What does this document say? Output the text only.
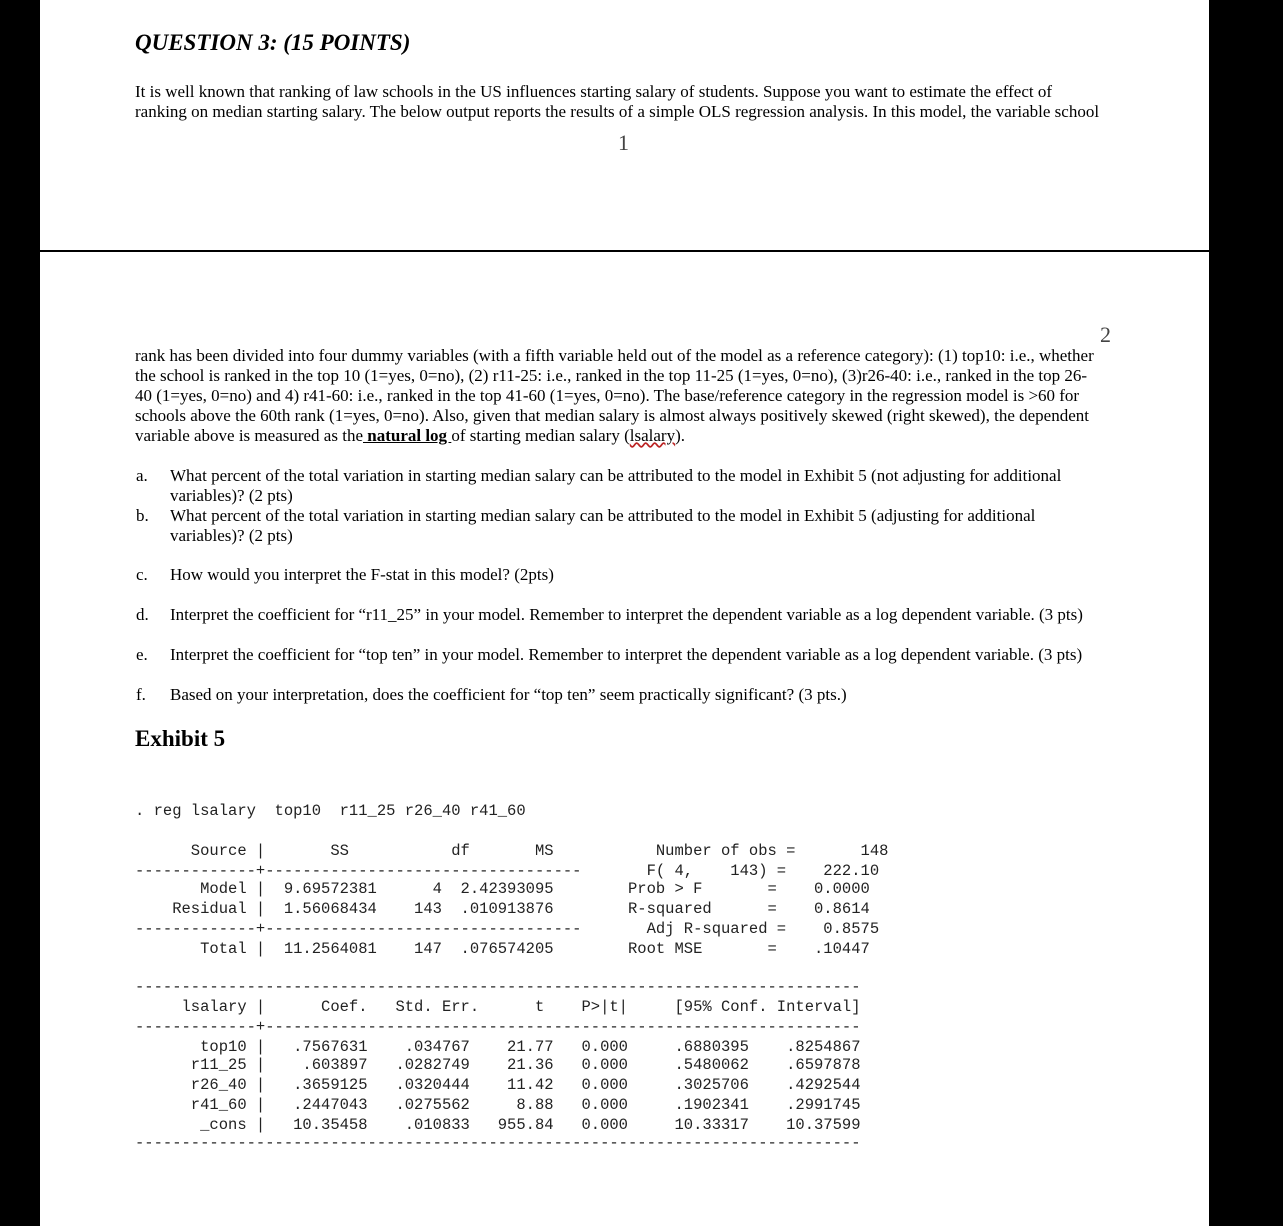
QUESTION 3: (15 POINTS)
It is well known that ranking of law schools in the US influences starting salary of students. Suppose you want to estimate the effect of
ranking on median starting salary. The below output reports the results of a simple OLS regression analysis. In this model, the variable school
1
2
rank has been divided into four dummy variables (with a fifth variable held out of the model as a reference category): (1) top10: i.e., whether
the school is ranked in the top 10 (1=yes, 0=no), (2) r11-25: i.e., ranked in the top 11-25 (1=yes, 0=no), (3)r26-40: i.e., ranked in the top 26-
40 (1=yes, 0=no) and 4) r41-60: i.e., ranked in the top 41-60 (1=yes, 0=no). The base/reference category in the regression model is >60 for
schools above the 60th rank (1=yes, 0=no). Also, given that median salary is almost always positively skewed (right skewed), the dependent
variable above is measured as the natural log of starting median salary (lsalary).
a. What percent of the total variation in starting median salary can be attributed to the model in Exhibit 5 (not adjusting for additional variables)? (2 pts)
b. What percent of the total variation in starting median salary can be attributed to the model in Exhibit 5 (adjusting for additional variables)? (2 pts)
c. How would you interpret the F-stat in this model? (2pts)
d. Interpret the coefficient for “r11_25” in your model. Remember to interpret the dependent variable as a log dependent variable. (3 pts)
e. Interpret the coefficient for “top ten” in your model. Remember to interpret the dependent variable as a log dependent variable. (3 pts)
f. Based on your interpretation, does the coefficient for “top ten” seem practically significant? (3 pts.)
Exhibit 5
. reg lsalary  top10  r11_25 r26_40 r41_60
Source |       SS           df       MS           Number of obs =       148
-------------+----------------------------------       F( 4,    143) =    222.10
Model |  9.69572381      4  2.42393095        Prob > F       =    0.0000
Residual |  1.56068434    143  .010913876        R-squared      =    0.8614
-------------+----------------------------------       Adj R-squared =    0.8575
Total |  11.2564081    147  .076574205        Root MSE       =    .10447
------------------------------------------------------------------------------
lsalary |      Coef.   Std. Err.      t    P>|t|     [95% Conf. Interval]
-------------+----------------------------------------------------------------
top10 |   .7567631    .034767    21.77   0.000     .6880395    .8254867
r11_25 |    .603897   .0282749    21.36   0.000     .5480062    .6597878
r26_40 |   .3659125   .0320444    11.42   0.000     .3025706    .4292544
r41_60 |   .2447043   .0275562     8.88   0.000     .1902341    .2991745
_cons |   10.35458    .010833   955.84   0.000     10.33317    10.37599
------------------------------------------------------------------------------
